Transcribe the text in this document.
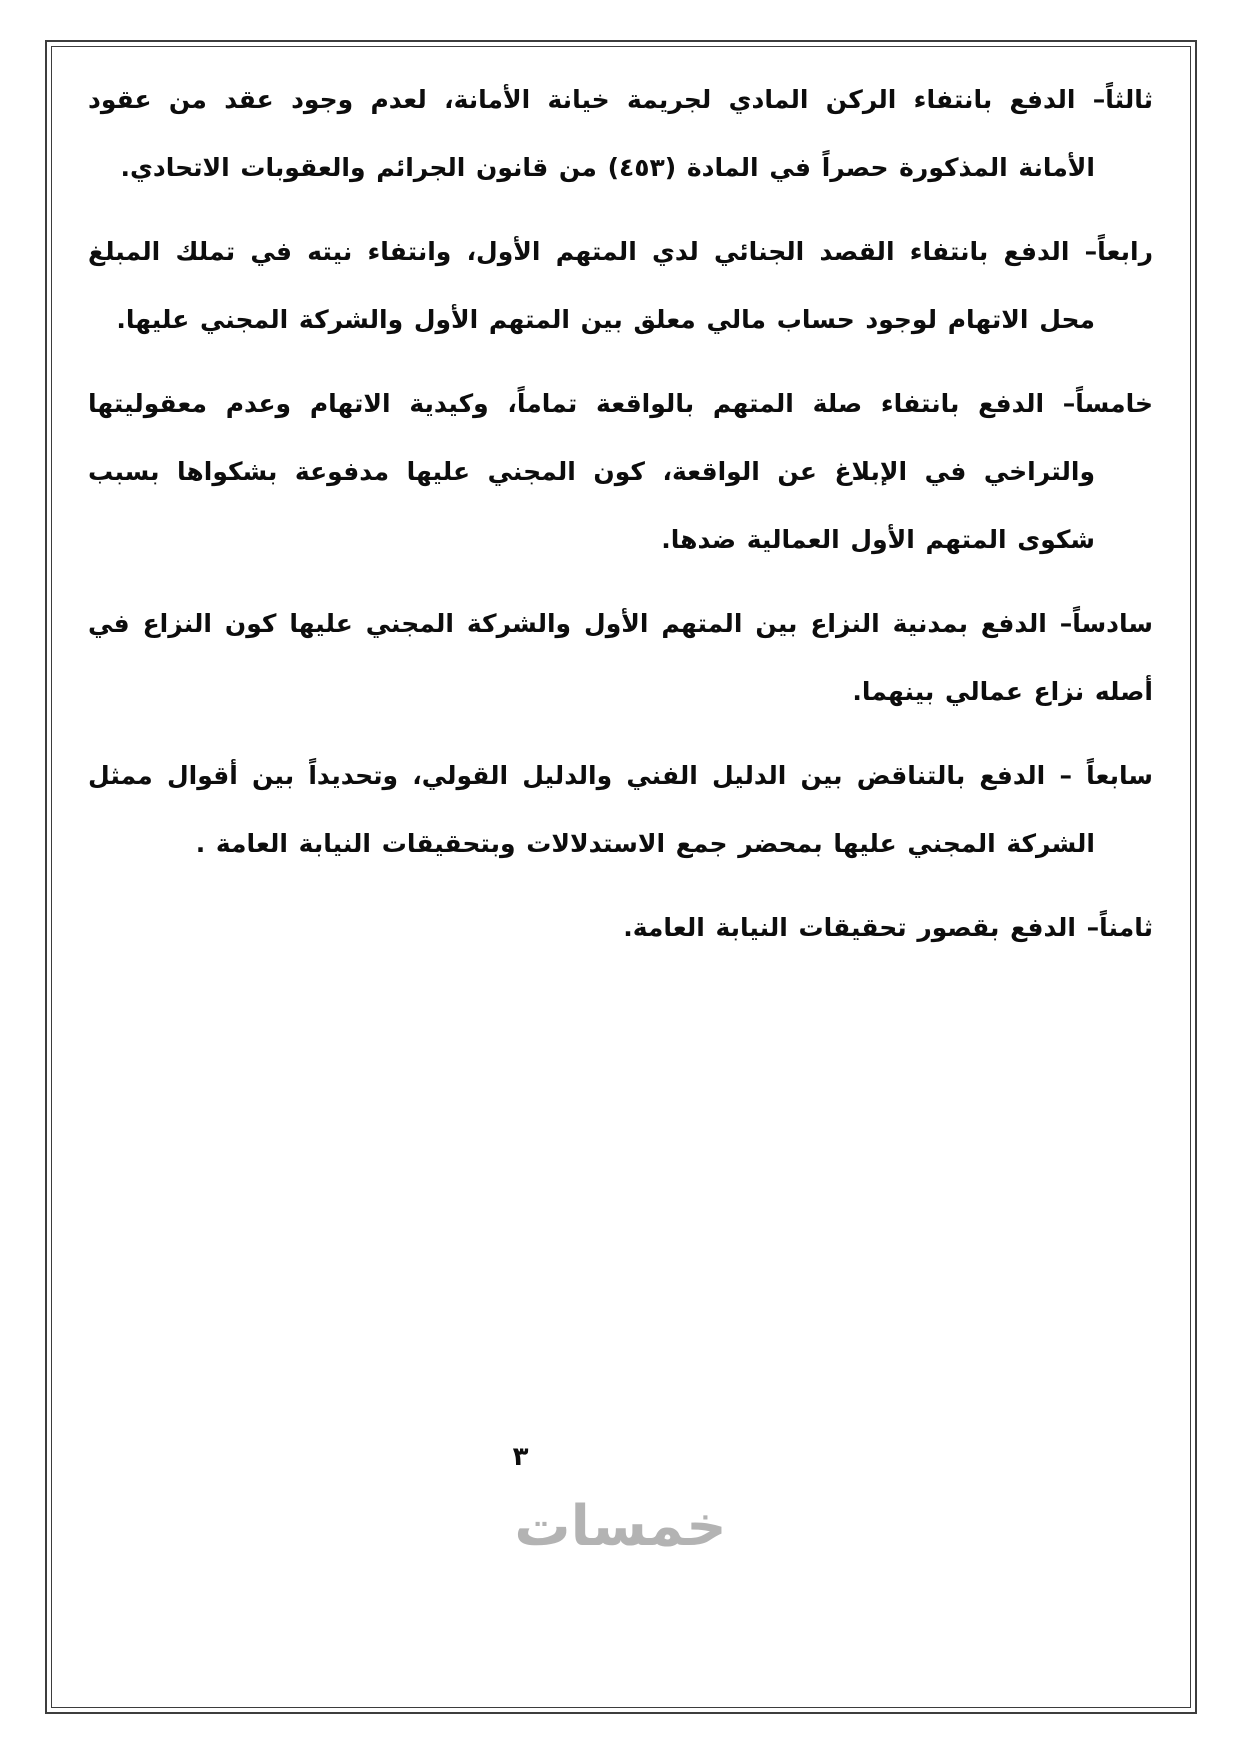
ثالثاً– الدفع بانتفاء الركن المادي لجريمة خيانة الأمانة، لعدم وجود عقد من عقود الأمانة المذكورة حصراً في المادة (٤٥٣) من قانون الجرائم والعقوبات الاتحادي.

رابعاً– الدفع بانتفاء القصد الجنائي لدي المتهم الأول، وانتفاء نيته في تملك المبلغ محل الاتهام لوجود حساب مالي معلق بين المتهم الأول والشركة المجني عليها.

خامساً– الدفع بانتفاء صلة المتهم بالواقعة تماماً، وكيدية الاتهام وعدم معقوليتها والتراخي في الإبلاغ عن الواقعة، كون المجني عليها مدفوعة بشكواها بسبب شكوى المتهم الأول العمالية ضدها.

سادساً– الدفع بمدنية النزاع بين المتهم الأول والشركة المجني عليها كون النزاع في أصله نزاع عمالي بينهما.

سابعاً – الدفع بالتناقض بين الدليل الفني والدليل القولي، وتحديداً بين أقوال ممثل الشركة المجني عليها بمحضر جمع الاستدلالات وبتحقيقات النيابة العامة .

ثامناً– الدفع بقصور تحقيقات النيابة العامة.

٣
خمسات
